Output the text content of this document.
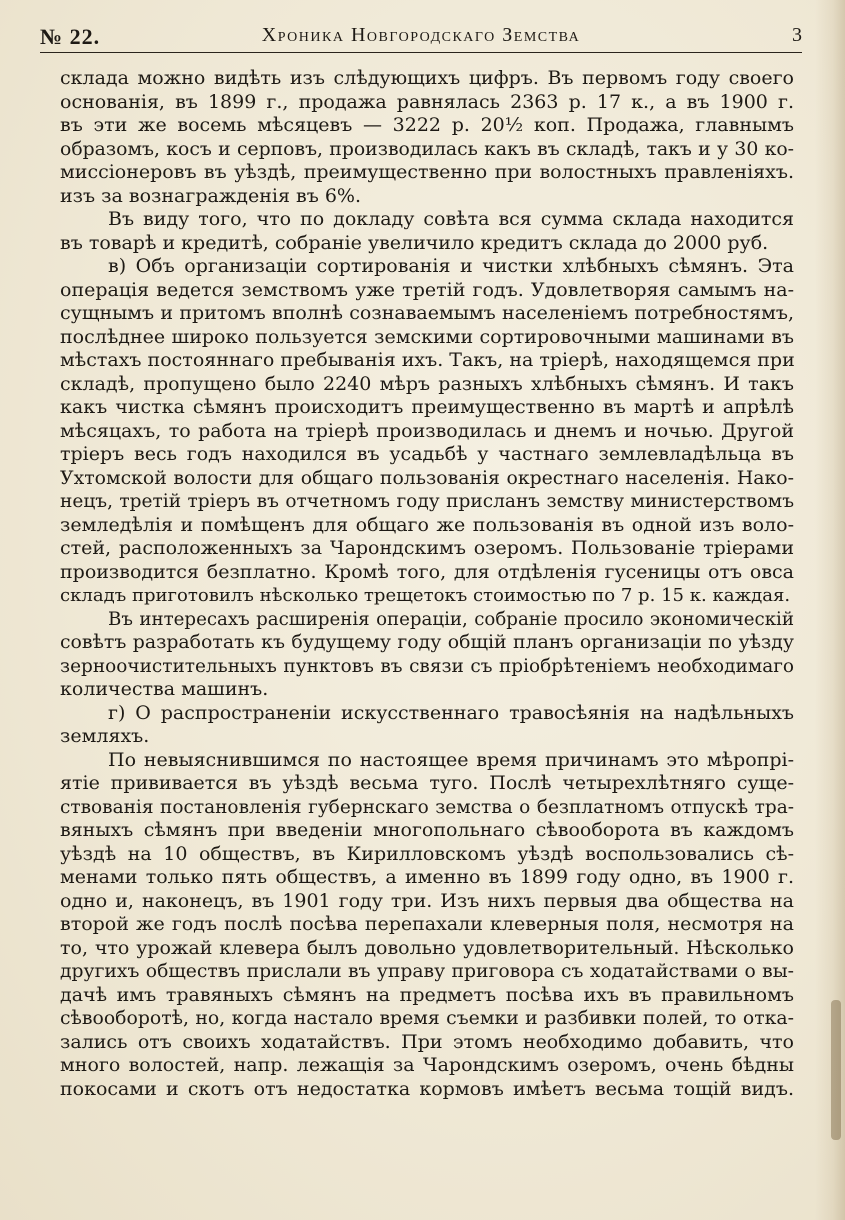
№ 22.	Хроника Новгородскаго Земства	3
склада можно видѣть изъ слѣдующихъ цифръ. Въ первомъ году своего
основанія, въ 1899 г., продажа равнялась 2363 р. 17 к., а въ 1900 г.
въ эти же восемь мѣсяцевъ — 3222 р. 20½ коп. Продажа, главнымъ
образомъ, косъ и серповъ, производилась какъ въ складѣ, такъ и у 30 ко-
миссіонеровъ въ уѣздѣ, преимущественно при волостныхъ правленіяхъ.
изъ за вознагражденія въ 6%.
Въ виду того, что по докладу совѣта вся сумма склада находится
въ товарѣ и кредитѣ, собраніе увеличило кредитъ склада до 2000 руб.
в) Объ организаціи сортированія и чистки хлѣбныхъ сѣмянъ. Эта
операція ведется земствомъ уже третій годъ. Удовлетворяя самымъ на-
сущнымъ и притомъ вполнѣ сознаваемымъ населеніемъ потребностямъ,
послѣднее широко пользуется земскими сортировочными машинами въ
мѣстахъ постояннаго пребыванія ихъ. Такъ, на тріерѣ, находящемся при
складѣ, пропущено было 2240 мѣръ разныхъ хлѣбныхъ сѣмянъ. И такъ
какъ чистка сѣмянъ происходитъ преимущественно въ мартѣ и апрѣлѣ
мѣсяцахъ, то работа на тріерѣ производилась и днемъ и ночью. Другой
тріеръ весь годъ находился въ усадьбѣ у частнаго землевладѣльца въ
Ухтомской волости для общаго пользованія окрестнаго населенія. Нако-
нецъ, третій тріеръ въ отчетномъ году присланъ земству министерствомъ
земледѣлія и помѣщенъ для общаго же пользованія въ одной изъ воло-
стей, расположенныхъ за Чарондскимъ озеромъ. Пользованіе тріерами
производится безплатно. Кромѣ того, для отдѣленія гусеницы отъ овса
складъ приготовилъ нѣсколько трещетокъ стоимостью по 7 р. 15 к. каждая.
Въ интересахъ расширенія операціи, собраніе просило экономическій
совѣтъ разработать къ будущему году общій планъ организаціи по уѣзду
зерноочистительныхъ пунктовъ въ связи съ пріобрѣтеніемъ необходимаго
количества машинъ.
г) О распространеніи искусственнаго травосѣянія на надѣльныхъ
земляхъ.
По невыяснившимся по настоящее время причинамъ это мѣропрі-
ятіе прививается въ уѣздѣ весьма туго. Послѣ четырехлѣтняго суще-
ствованія постановленія губернскаго земства о безплатномъ отпускѣ тра-
вяныхъ сѣмянъ при введеніи многопольнаго сѣвооборота въ каждомъ
уѣздѣ на 10 обществъ, въ Кирилловскомъ уѣздѣ воспользовались сѣ-
менами только пять обществъ, а именно въ 1899 году одно, въ 1900 г.
одно и, наконецъ, въ 1901 году три. Изъ нихъ первыя два общества на
второй же годъ послѣ посѣва перепахали клеверныя поля, несмотря на
то, что урожай клевера былъ довольно удовлетворительный. Нѣсколько
другихъ обществъ прислали въ управу приговора съ ходатайствами о вы-
дачѣ имъ травяныхъ сѣмянъ на предметъ посѣва ихъ въ правильномъ
сѣвооборотѣ, но, когда настало время съемки и разбивки полей, то отка-
зались отъ своихъ ходатайствъ. При этомъ необходимо добавить, что
много волостей, напр. лежащія за Чарондскимъ озеромъ, очень бѣдны
покосами и скотъ отъ недостатка кормовъ имѣетъ весьма тощій видъ.
